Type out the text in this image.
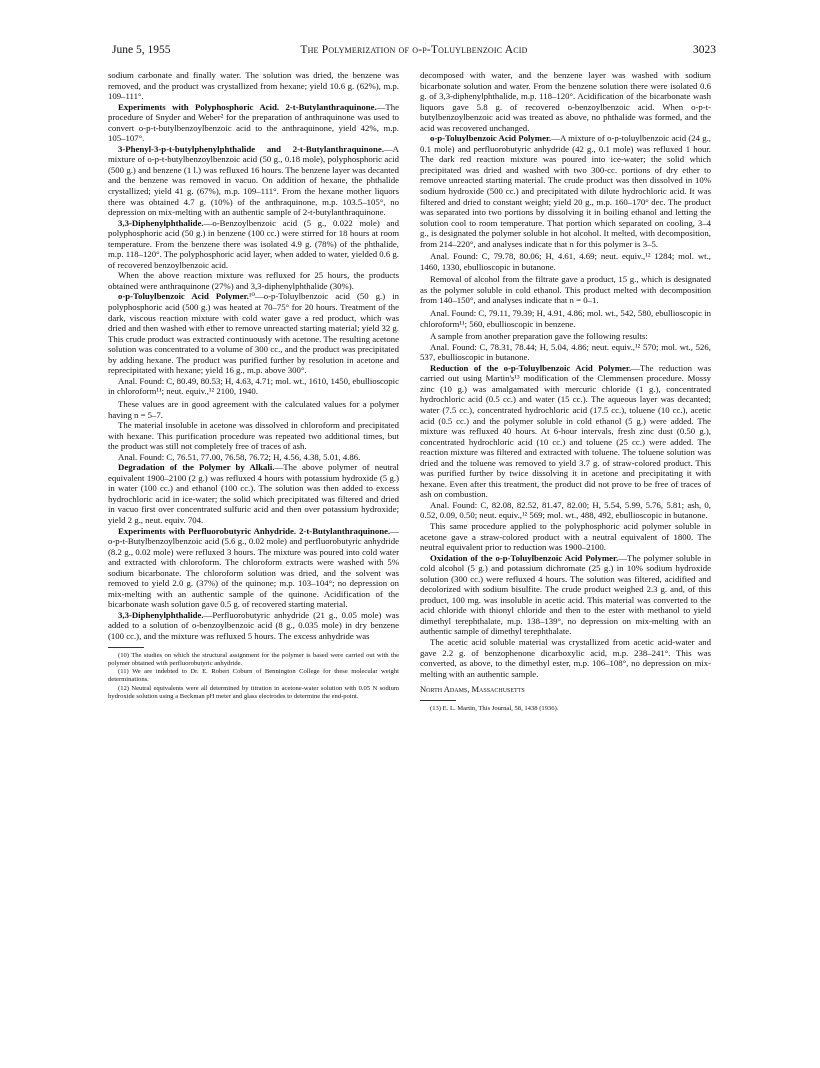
June 5, 1955	The Polymerization of o-p-Toluylbenzoic Acid	3023

sodium carbonate and finally water. The solution was dried, the benzene was removed, and the product was crystallized from hexane; yield 10.6 g. (62%), m.p. 109–111°.

Experiments with Polyphosphoric Acid. 2-t-Butylanthraquinone.—The procedure of Snyder and Weber² for the preparation of anthraquinone was used to convert o-p-t-butylbenzoylbenzoic acid to the anthraquinone, yield 42%, m.p. 105–107°.

3-Phenyl-3-p-t-butylphenylphthalide and 2-t-Butylanthraquinone.—A mixture of o-p-t-butylbenzoylbenzoic acid (50 g., 0.18 mole), polyphosphoric acid (500 g.) and benzene (1 l.) was refluxed 16 hours. The benzene layer was decanted and the benzene was removed in vacuo. On addition of hexane, the phthalide crystallized; yield 41 g. (67%), m.p. 109–111°. From the hexane mother liquors there was obtained 4.7 g. (10%) of the anthraquinone, m.p. 103.5–105°, no depression on mix-melting with an authentic sample of 2-t-butylanthraquinone.

3,3-Diphenylphthalide.—o-Benzoylbenzoic acid (5 g., 0.022 mole) and polyphosphoric acid (50 g.) in benzene (100 cc.) were stirred for 18 hours at room temperature. From the benzene there was isolated 4.9 g. (78%) of the phthalide, m.p. 118–120°. The polyphosphoric acid layer, when added to water, yielded 0.6 g. of recovered benzoylbenzoic acid.

When the above reaction mixture was refluxed for 25 hours, the products obtained were anthraquinone (27%) and 3,3-diphenylphthalide (30%).

o-p-Toluylbenzoic Acid Polymer.¹⁰—o-p-Toluylbenzoic acid (50 g.) in polyphosphoric acid (500 g.) was heated at 70–75° for 20 hours. Treatment of the dark, viscous reaction mixture with cold water gave a red product, which was dried and then washed with ether to remove unreacted starting material; yield 32 g. This crude product was extracted continuously with acetone. The resulting acetone solution was concentrated to a volume of 300 cc., and the product was precipitated by adding hexane. The product was purified further by resolution in acetone and reprecipitated with hexane; yield 16 g., m.p. above 300°.

Anal. Found: C, 80.49, 80.53; H, 4.63, 4.71; mol. wt., 1610, 1450, ebullioscopic in chloroform¹¹; neut. equiv.,¹² 2100, 1940.

These values are in good agreement with the calculated values for a polymer having n = 5–7.

The material insoluble in acetone was dissolved in chloroform and precipitated with hexane. This purification procedure was repeated two additional times, but the product was still not completely free of traces of ash.

Anal. Found: C, 76.51, 77.00, 76.58, 76.72; H, 4.56, 4.38, 5.01, 4.86.

Degradation of the Polymer by Alkali.—The above polymer of neutral equivalent 1900–2100 (2 g.) was refluxed 4 hours with potassium hydroxide (5 g.) in water (100 cc.) and ethanol (100 cc.). The solution was then added to excess hydrochloric acid in ice-water; the solid which precipitated was filtered and dried in vacuo first over concentrated sulfuric acid and then over potassium hydroxide; yield 2 g., neut. equiv. 704.

Experiments with Perfluorobutyric Anhydride. 2-t-Butylanthraquinone.—o-p-t-Butylbenzoylbenzoic acid (5.6 g., 0.02 mole) and perfluorobutyric anhydride (8.2 g., 0.02 mole) were refluxed 3 hours. The mixture was poured into cold water and extracted with chloroform. The chloroform extracts were washed with 5% sodium bicarbonate. The chloroform solution was dried, and the solvent was removed to yield 2.0 g. (37%) of the quinone; m.p. 103–104°; no depression on mix-melting with an authentic sample of the quinone. Acidification of the bicarbonate wash solution gave 0.5 g. of recovered starting material.

3,3-Diphenylphthalide.—Perfluorobutyric anhydride (21 g., 0.05 mole) was added to a solution of o-benzoylbenzoic acid (8 g., 0.035 mole) in dry benzene (100 cc.), and the mixture was refluxed 5 hours. The excess anhydride was

(10) The studies on which the structural assignment for the polymer is based were carried out with the polymer obtained with perfluorobutyric anhydride.

(11) We are indebted to Dr. E. Robert Coburn of Bennington College for these molecular weight determinations.

(12) Neutral equivalents were all determined by titration in acetone-water solution with 0.05 N sodium hydroxide solution using a Beckman pH meter and glass electrodes to determine the end-point.

decomposed with water, and the benzene layer was washed with sodium bicarbonate solution and water. From the benzene solution there were isolated 0.6 g. of 3,3-diphenylphthalide, m.p. 118–120°. Acidification of the bicarbonate wash liquors gave 5.8 g. of recovered o-benzoylbenzoic acid. When o-p-t-butylbenzoylbenzoic acid was treated as above, no phthalide was formed, and the acid was recovered unchanged.

o-p-Toluylbenzoic Acid Polymer.—A mixture of o-p-toluylbenzoic acid (24 g., 0.1 mole) and perfluorobutyric anhydride (42 g., 0.1 mole) was refluxed 1 hour. The dark red reaction mixture was poured into ice-water; the solid which precipitated was dried and washed with two 300-cc. portions of dry ether to remove unreacted starting material. The crude product was then dissolved in 10% sodium hydroxide (500 cc.) and precipitated with dilute hydrochloric acid. It was filtered and dried to constant weight; yield 20 g., m.p. 160–170° dec. The product was separated into two portions by dissolving it in boiling ethanol and letting the solution cool to room temperature. That portion which separated on cooling, 3–4 g., is designated the polymer soluble in hot alcohol. It melted, with decomposition, from 214–220°, and analyses indicate that n for this polymer is 3–5.

Anal. Found: C, 79.78, 80.06; H, 4.61, 4.69; neut. equiv.,¹² 1284; mol. wt., 1460, 1330, ebullioscopic in butanone.

Removal of alcohol from the filtrate gave a product, 15 g., which is designated as the polymer soluble in cold ethanol. This product melted with decomposition from 140–150°, and analyses indicate that n = 0–1.

Anal. Found: C, 79.11, 79.39; H, 4.91, 4.86; mol. wt., 542, 580, ebullioscopic in chloroform¹¹; 560, ebullioscopic in benzene.

A sample from another preparation gave the following results:

Anal. Found: C, 78.31, 78.44; H, 5.04, 4.86; neut. equiv.,¹² 570; mol. wt., 526, 537, ebullioscopic in butanone.

Reduction of the o-p-Toluylbenzoic Acid Polymer.—The reduction was carried out using Martin's¹³ modification of the Clemmensen procedure. Mossy zinc (10 g.) was amalgamated with mercuric chloride (1 g.), concentrated hydrochloric acid (0.5 cc.) and water (15 cc.). The aqueous layer was decanted; water (7.5 cc.), concentrated hydrochloric acid (17.5 cc.), toluene (10 cc.), acetic acid (0.5 cc.) and the polymer soluble in cold ethanol (5 g.) were added. The mixture was refluxed 40 hours. At 6-hour intervals, fresh zinc dust (0.50 g.), concentrated hydrochloric acid (10 cc.) and toluene (25 cc.) were added. The reaction mixture was filtered and extracted with toluene. The toluene solution was dried and the toluene was removed to yield 3.7 g. of straw-colored product. This was purified further by twice dissolving it in acetone and precipitating it with hexane. Even after this treatment, the product did not prove to be free of traces of ash on combustion.

Anal. Found: C, 82.08, 82.52, 81.47, 82.00; H, 5.54, 5.99, 5.76, 5.81; ash, 0, 0.52, 0.09, 0.50; neut. equiv.,¹² 569; mol. wt., 488, 492, ebullioscopic in butanone.

This same procedure applied to the polyphosphoric acid polymer soluble in acetone gave a straw-colored product with a neutral equivalent of 1800. The neutral equivalent prior to reduction was 1900–2100.

Oxidation of the o-p-Toluylbenzoic Acid Polymer.—The polymer soluble in cold alcohol (5 g.) and potassium dichromate (25 g.) in 10% sodium hydroxide solution (300 cc.) were refluxed 4 hours. The solution was filtered, acidified and decolorized with sodium bisulfite. The crude product weighed 2.3 g. and, of this product, 100 mg. was insoluble in acetic acid. This material was converted to the acid chloride with thionyl chloride and then to the ester with methanol to yield dimethyl terephthalate, m.p. 138–139°, no depression on mix-melting with an authentic sample of dimethyl terephthalate.

The acetic acid soluble material was crystallized from acetic acid-water and gave 2.2 g. of benzophenone dicarboxylic acid, m.p. 238–241°. This was converted, as above, to the dimethyl ester, m.p. 106–108°, no depression on mix-melting with an authentic sample.

North Adams, Massachusetts

(13) E. L. Martin, This Journal, 58, 1438 (1936).
